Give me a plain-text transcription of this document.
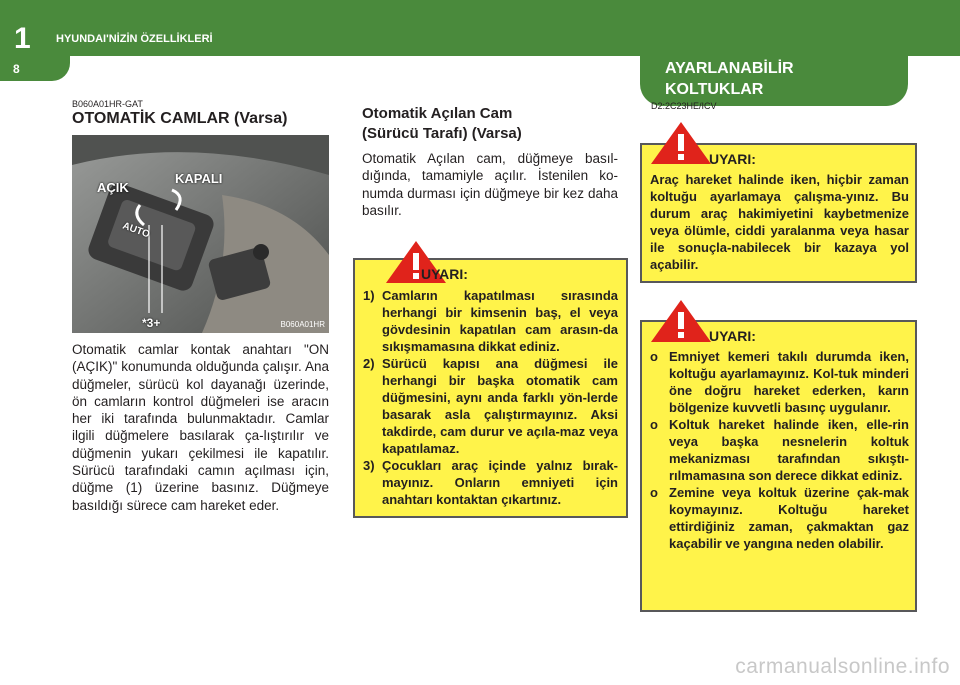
1 HYUNDAI'NİZİN ÖZELLİKLERİ
8	AYARLANABİLİR
KOLTUKLAR
B060A01HR-GAT
OTOMATİK CAMLAR (Varsa)
AÇIK
KAPALI
AUTO
*3+	B060A01HR
Otomatik camlar kontak anahtarı "ON (AÇIK)" konumunda olduğunda çalışır. Ana düğmeler, sürücü kol dayanağı üzerinde, ön camların kontrol düğmeleri ise aracın her iki tarafında bulunmaktadır. Camlar ilgili düğmelere basılarak ça-lıştırılır ve düğmenin yukarı çekilmesi ile kapatılır. Sürücü tarafındaki camın açılması için, düğme (1) üzerine basınız. Düğmeye basıldığı sürece cam hareket eder.
Otomatik Açılan Cam
(Sürücü Tarafı) (Varsa)
Otomatik Açılan cam, düğmeye basıl-dığında, tamamiyle açılır. İstenilen ko-numda durması için düğmeye bir kez daha basılır.
UYARI:
1) Camların kapatılması sırasında herhangi bir kimsenin baş, el veya gövdesinin kapatılan cam arasın-da sıkışmamasına dikkat ediniz.
2) Sürücü kapısı ana düğmesi ile herhangi bir başka otomatik cam düğmesini, aynı anda farklı yön-lerde basarak asla çalıştırmayınız. Aksi takdirde, cam durur ve açıla-maz veya kapatılamaz.
3) Çocukları araç içinde yalnız bırak-mayınız. Onların emniyeti için anahtarı kontaktan çıkartınız.
D2:2C23HE/ICV
UYARI:
Araç hareket halinde iken, hiçbir zaman koltuğu ayarlamaya çalışma-yınız. Bu durum araç hakimiyetini kaybetmenize veya ölümle, ciddi yaralanma veya hasar ile sonuçla-nabilecek bir kazaya yol açabilir.
UYARI:
o Emniyet kemeri takılı durumda iken, koltuğu ayarlamayınız. Kol-tuk minderi öne doğru hareket ederken, karın bölgenize kuvvetli basınç uygulanır.
o Koltuk hareket halinde iken, elle-rin veya başka nesnelerin koltuk mekanizması tarafından sıkıştı-rılmamasına son derece dikkat ediniz.
o Zemine veya koltuk üzerine çak-mak koymayınız. Koltuğu hareket ettirdiğiniz zaman, çakmaktan gaz kaçabilir ve yangına neden olabilir.
carmanualsonline.info
